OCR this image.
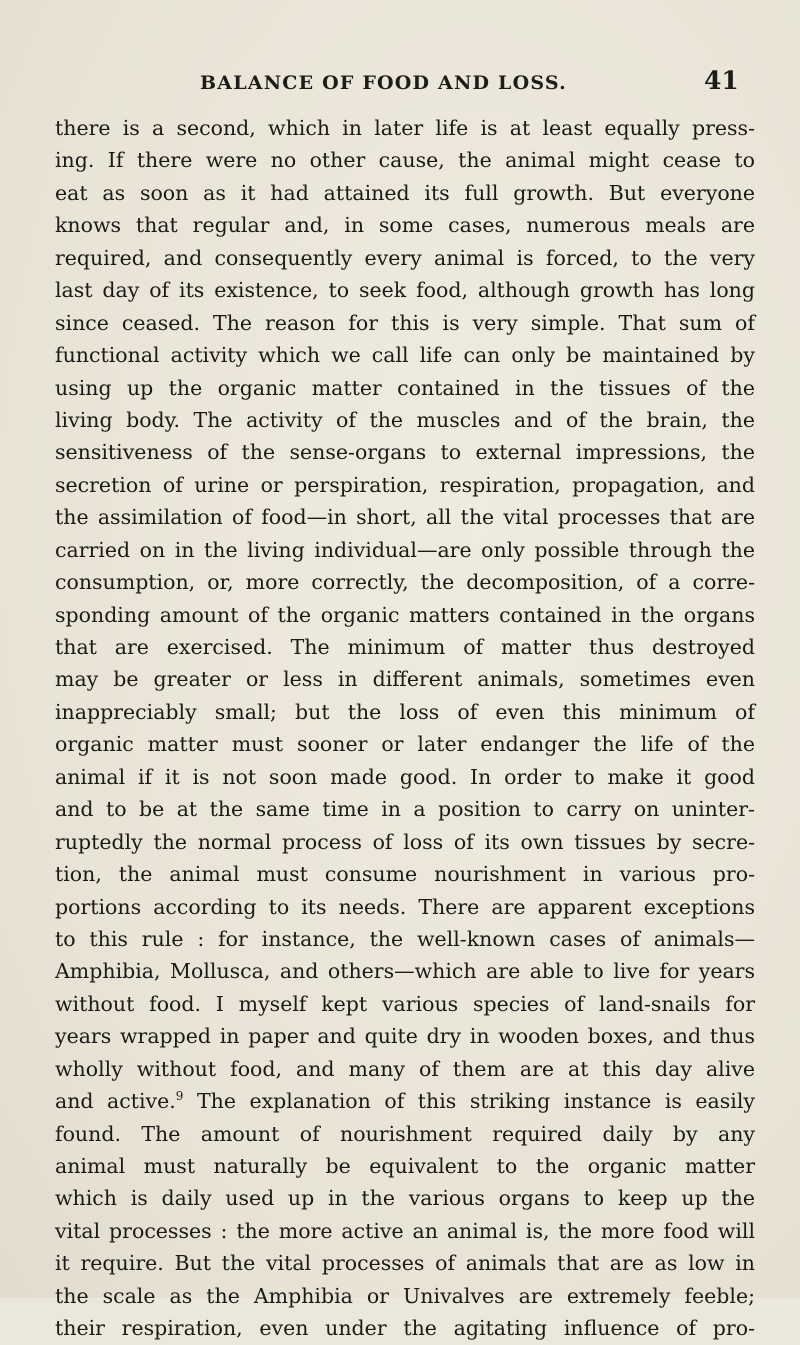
BALANCE OF FOOD AND LOSS.	41
there is a second, which in later life is at least equally press-
ing. If there were no other cause, the animal might cease to
eat as soon as it had attained its full growth. But everyone
knows that regular and, in some cases, numerous meals are
required, and consequently every animal is forced, to the very
last day of its existence, to seek food, although growth has long
since ceased. The reason for this is very simple. That sum of
functional activity which we call life can only be maintained by
using up the organic matter contained in the tissues of the
living body. The activity of the muscles and of the brain, the
sensitiveness of the sense-organs to external impressions, the
secretion of urine or perspiration, respiration, propagation, and
the assimilation of food—in short, all the vital processes that are
carried on in the living individual—are only possible through the
consumption, or, more correctly, the decomposition, of a corre-
sponding amount of the organic matters contained in the organs
that are exercised. The minimum of matter thus destroyed
may be greater or less in different animals, sometimes even
inappreciably small; but the loss of even this minimum of
organic matter must sooner or later endanger the life of the
animal if it is not soon made good. In order to make it good
and to be at the same time in a position to carry on uninter-
ruptedly the normal process of loss of its own tissues by secre-
tion, the animal must consume nourishment in various pro-
portions according to its needs. There are apparent exceptions
to this rule : for instance, the well-known cases of animals—
Amphibia, Mollusca, and others—which are able to live for years
without food. I myself kept various species of land-snails for
years wrapped in paper and quite dry in wooden boxes, and thus
wholly without food, and many of them are at this day alive
and active.$^9$ The explanation of this striking instance is easily
found. The amount of nourishment required daily by any
animal must naturally be equivalent to the organic matter
which is daily used up in the various organs to keep up the
vital processes : the more active an animal is, the more food will
it require. But the vital processes of animals that are as low in
the scale as the Amphibia or Univalves are extremely feeble;
their respiration, even under the agitating influence of pro-
